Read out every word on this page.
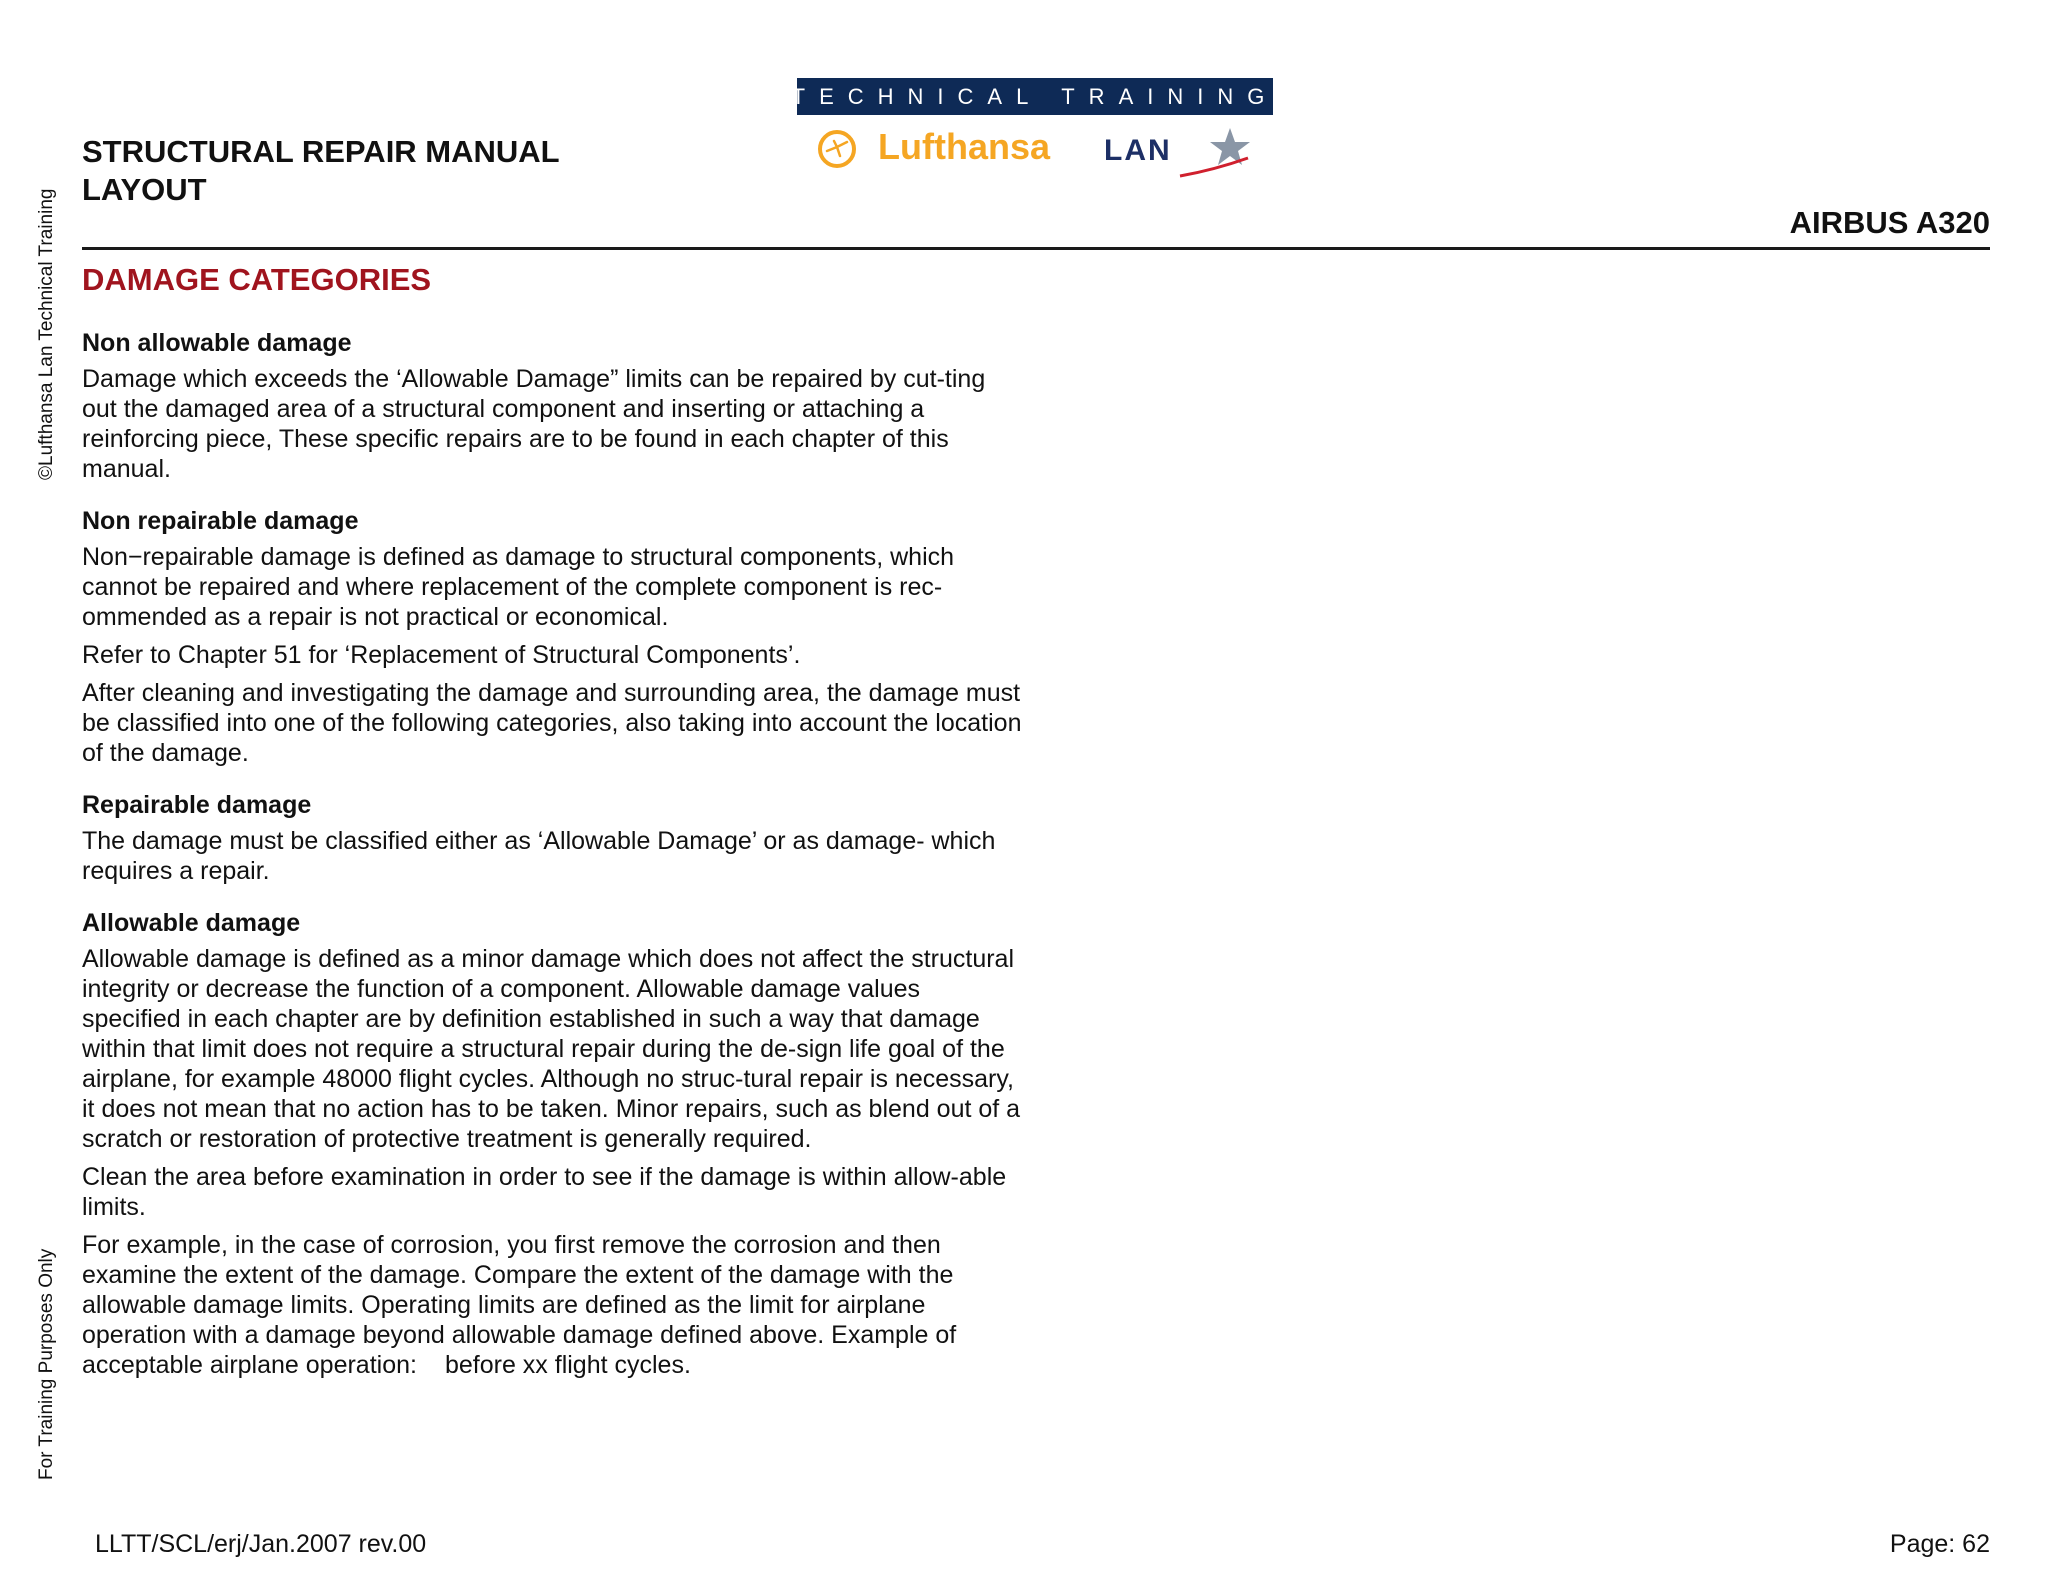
©Lufthansa Lan Technical Training
For Training Purposes Only
STRUCTURAL REPAIR MANUAL
LAYOUT
TECHNICAL TRAINING
Lufthansa LAN
AIRBUS A320
DAMAGE CATEGORIES
Non allowable damage

Damage which exceeds the ‘Allowable Damage” limits can be repaired by cut-ting out the damaged area of a structural component and inserting or attaching a reinforcing piece, These specific repairs are to be found in each chapter of this manual.

Non repairable damage

Non−repairable damage is defined as damage to structural components, which cannot be repaired and where replacement of the complete component is rec-ommended as a repair is not practical or economical.

Refer to Chapter 51 for ‘Replacement of Structural Components’.

After cleaning and investigating the damage and surrounding area, the damage must be classified into one of the following categories, also taking into account the location of the damage.

Repairable damage

The damage must be classified either as ‘Allowable Damage’ or as damage- which requires a repair.

Allowable damage

Allowable damage is defined as a minor damage which does not affect the structural integrity or decrease the function of a component. Allowable damage values specified in each chapter are by definition established in such a way that damage within that limit does not require a structural repair during the de-sign life goal of the airplane, for example 48000 flight cycles. Although no struc-tural repair is necessary, it does not mean that no action has to be taken. Minor repairs, such as blend out of a scratch or restoration of protective treatment is generally required.

Clean the area before examination in order to see if the damage is within allow-able limits.

For example, in the case of corrosion, you first remove the corrosion and then examine the extent of the damage. Compare the extent of the damage with the allowable damage limits. Operating limits are defined as the limit for airplane operation with a damage beyond allowable damage defined above. Example of acceptable airplane operation: before xx flight cycles.

LLTT/SCL/erj/Jan.2007 rev.00	Page: 62
